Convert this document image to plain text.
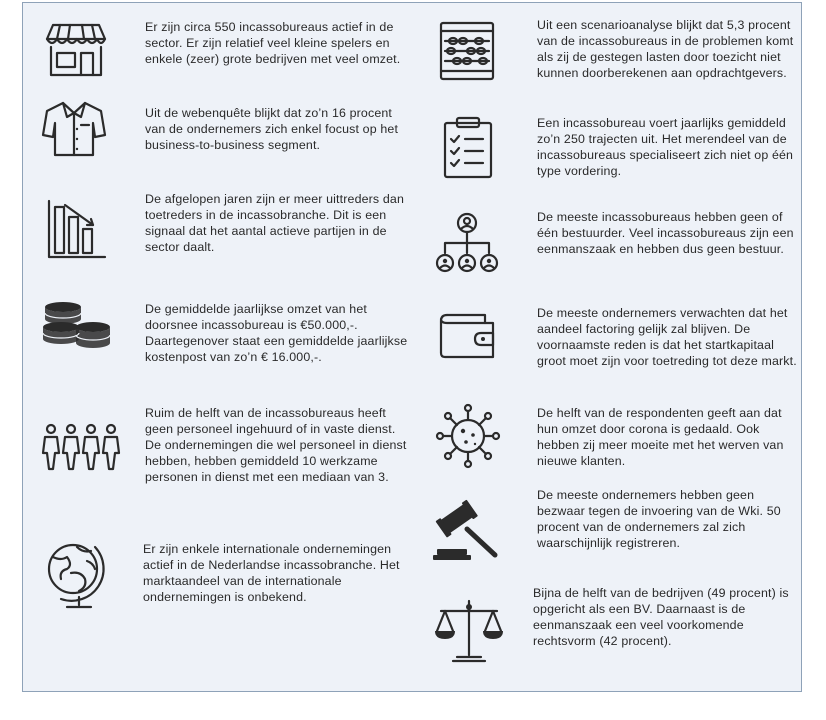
Er zijn circa 550 incassobureaus actief in de sector. Er zijn relatief veel kleine spelers en enkele (zeer) grote bedrijven met veel omzet.
Uit de webenquête blijkt dat zo’n 16 procent van de ondernemers zich enkel focust op het business-to-business segment.
De afgelopen jaren zijn er meer uittreders dan toetreders in de incassobranche. Dit is een signaal dat het aantal actieve partijen in de sector daalt.
De gemiddelde jaarlijkse omzet van het doorsnee incassobureau is €50.000,-. Daartegenover staat een gemiddelde jaarlijkse kostenpost van zo’n € 16.000,-.
Ruim de helft van de incassobureaus heeft geen personeel ingehuurd of in vaste dienst. De ondernemingen die wel personeel in dienst hebben, hebben gemiddeld 10 werkzame personen in dienst met een mediaan van 3.
Er zijn enkele internationale ondernemingen actief in de Nederlandse incassobranche. Het marktaandeel van de internationale ondernemingen is onbekend.
Uit een scenarioanalyse blijkt dat 5,3 procent van de incassobureaus in de problemen komt als zij de gestegen lasten door toezicht niet kunnen doorberekenen aan opdrachtgevers.
Een incassobureau voert jaarlijks gemiddeld zo’n 250 trajecten uit. Het merendeel van de incassobureaus specialiseert zich niet op één type vordering.
De meeste incassobureaus hebben geen of één bestuurder. Veel incassobureaus zijn een eenmanszaak en hebben dus geen bestuur.
De meeste ondernemers verwachten dat het aandeel factoring gelijk zal blijven. De voornaamste reden is dat het startkapitaal groot moet zijn voor toetreding tot deze markt.
De helft van de respondenten geeft aan dat hun omzet door corona is gedaald. Ook hebben zij meer moeite met het werven van nieuwe klanten.
De meeste ondernemers hebben geen bezwaar tegen de invoering van de Wki. 50 procent van de ondernemers zal zich waarschijnlijk registreren.
Bijna de helft van de bedrijven (49 procent) is opgericht als een BV. Daarnaast is de eenmanszaak een veel voorkomende rechtsvorm (42 procent).
